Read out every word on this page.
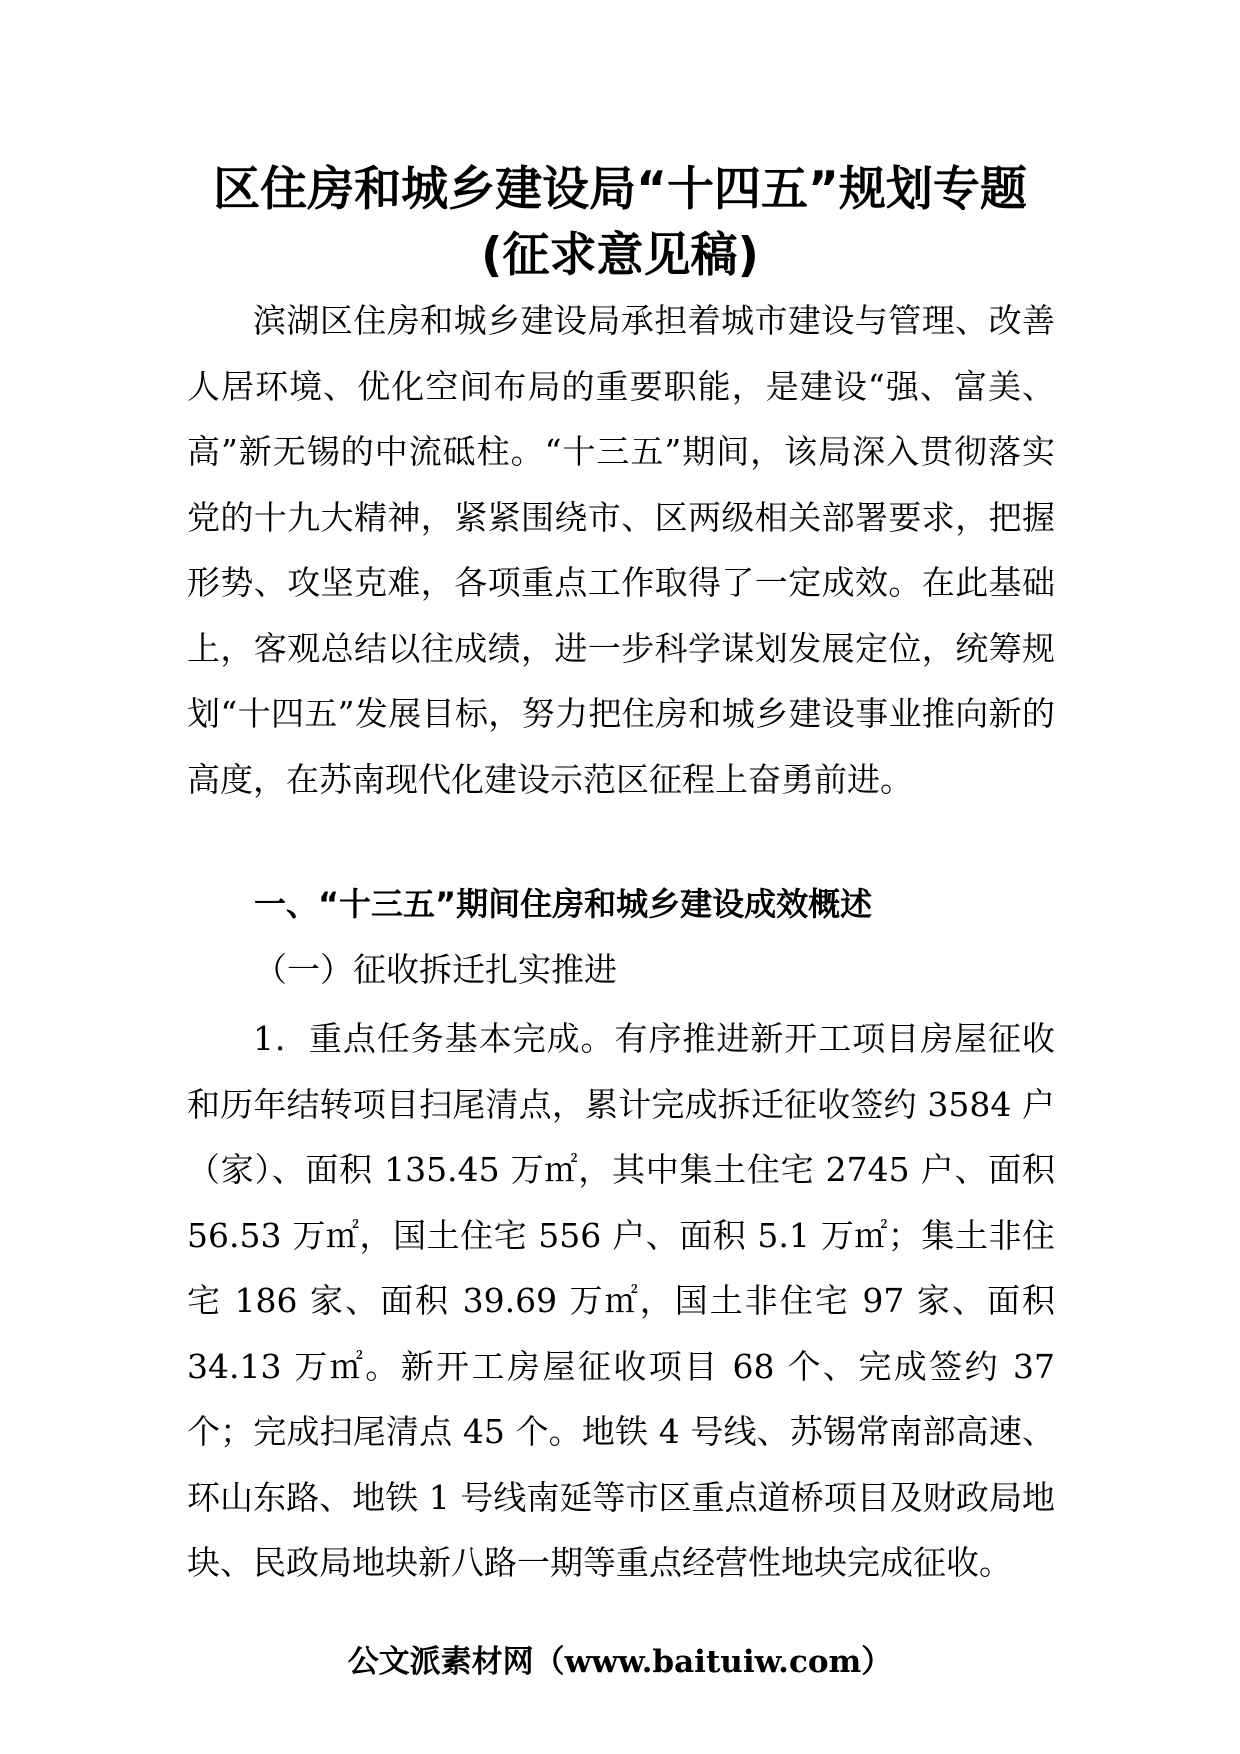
区住房和城乡建设局“十四五”规划专题
(征求意见稿)

滨湖区住房和城乡建设局承担着城市建设与管理、改善人居环境、优化空间布局的重要职能，是建设“强、富美、高”新无锡的中流砥柱。“十三五”期间，该局深入贯彻落实党的十九大精神，紧紧围绕市、区两级相关部署要求，把握形势、攻坚克难，各项重点工作取得了一定成效。在此基础上，客观总结以往成绩，进一步科学谋划发展定位，统筹规划“十四五”发展目标，努力把住房和城乡建设事业推向新的高度，在苏南现代化建设示范区征程上奋勇前进。

一、“十三五”期间住房和城乡建设成效概述
（一）征收拆迁扎实推进

1．重点任务基本完成。有序推进新开工项目房屋征收和历年结转项目扫尾清点，累计完成拆迁征收签约 3584 户（家）、面积 135.45 万㎡，其中集土住宅 2745 户、面积 56.53 万㎡，国土住宅 556 户、面积 5.1 万㎡；集土非住宅 186 家、面积 39.69 万㎡，国土非住宅 97 家、面积 34.13 万㎡。新开工房屋征收项目 68 个、完成签约 37 个；完成扫尾清点 45 个。地铁 4 号线、苏锡常南部高速、环山东路、地铁 1 号线南延等市区重点道桥项目及财政局地块、民政局地块新八路一期等重点经营性地块完成征收。

公文派素材网（www.baituiw.com）
